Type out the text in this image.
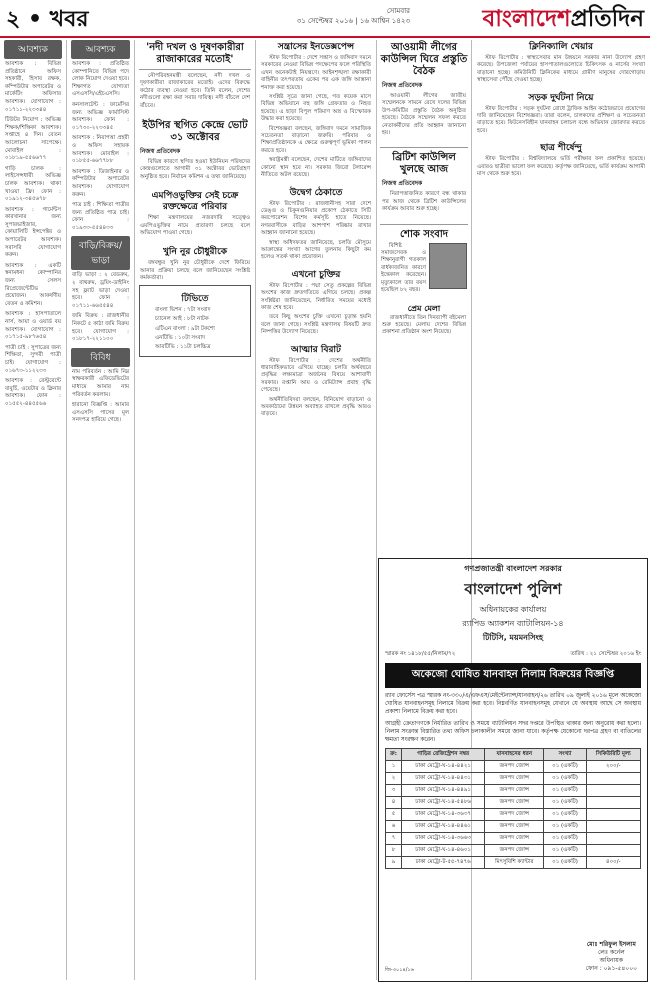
২ • খবর	সোমবার
৩১ সেপ্টেম্বর ২০১৬ | ১৬ আশ্বিন ১৪২৩	বাংলাদেশপ্রতিদিন
আবশ্যক

আবশ্যক : বিভিন্ন প্রতিষ্ঠানে অফিস সহকারী, হিসাব রক্ষক, কম্পিউটার অপারেটর ও মার্কেটিং অফিসার আবশ্যক। যোগাযোগ : ০১৭১১-২২৩৩৪৪

টিউটর নিয়োগ : অভিজ্ঞ শিক্ষক/শিক্ষিকা আবশ্যক। সপ্তাহে ৪ দিন। বেতন আলোচনা সাপেক্ষে। মোবাইল : ০১৮১৯-৫৫৬৬৭৭

গাড়ি চালক : লাইসেন্সধারী অভিজ্ঞ চালক আবশ্যক। থাকা খাওয়া ফ্রি। ফোন : ০১৯১২-৩৪৫৬৭৮

আবশ্যক : গার্মেন্টস কারখানার জন্য সুপারভাইজার, কোয়ালিটি ইন্সপেক্টর ও অপারেটর আবশ্যক। সরাসরি যোগাযোগ করুন।

আবশ্যক : একটি স্বনামধন্য কোম্পানির জন্য সেলস রিপ্রেজেন্টেটিভ প্রয়োজন। আকর্ষণীয় বেতন ও কমিশন।

আবশ্যক : হাসপাতালে নার্স, আয়া ও ওয়ার্ড বয় আবশ্যক। যোগাযোগ : ০১৭১৫-৯৮৭৬৫৪

পাত্রী চাই : সুপাত্রের জন্য শিক্ষিতা, সুন্দরী পাত্রী চাই। যোগাযোগ : ০১৬৭৩-১১২২৩৩

আবশ্যক : রেস্টুরেন্টে বাবুর্চি, ওয়েটার ও ক্লিনার আবশ্যক। ফোন : ০১৫৫২-৪৪৫৫৬৬

আবশ্যক

আবশ্যক : প্রতিষ্ঠিত কোম্পানিতে বিভিন্ন পদে লোক নিয়োগ দেওয়া হবে। শিক্ষাগত যোগ্যতা এসএসসি/এইচএসসি।

কনসালটেন্ট : ফার্মেসির জন্য অভিজ্ঞ ফার্মাসিস্ট আবশ্যক। ফোন : ০১৭৩০-২২৩৩৪৫

আবশ্যক : নিরাপত্তা প্রহরী ও অফিস সহায়ক আবশ্যক। মোবাইল : ০১৮৫৫-৬৬৭৭৮৮

আবশ্যক : ডিজাইনার ও কম্পিউটার অপারেটর আবশ্যক। যোগাযোগ করুন।

পাত্র চাই : শিক্ষিতা পাত্রীর জন্য প্রতিষ্ঠিত পাত্র চাই। ফোন : ০১৯৩৩-৫৫৪৪৩৩

বাড়ি/বিক্রয়/ভাড়া

বাড়ি ভাড়া : ২ বেডরুম, ২ বাথরুম, ড্রয়িং-ডাইনিং সহ ফ্ল্যাট ভাড়া দেওয়া হবে। ফোন : ০১৭১১-৬৬৫৫৪৪

জমি বিক্রয় : রাজধানীর নিকটে ৫ কাঠা জমি বিক্রয় হবে। যোগাযোগ : ০১৮১৭-২২১১০০

বিবিধ

নাম পরিবর্তন : আমি নিম্ন স্বাক্ষরকারী এফিডেভিটের মাধ্যমে আমার নাম পরিবর্তন করলাম।

হারানো বিজ্ঞপ্তি : আমার এসএসসি পাসের মূল সনদপত্র হারিয়ে গেছে।

'নদী দখল ও দূষণকারীরা রাজাকারের মতোই'

নৌপরিবহনমন্ত্রী বলেছেন, নদী দখল ও দূষণকারীরা রাজাকারের মতোই। এদের বিরুদ্ধে কঠোর ব্যবস্থা নেওয়া হবে। তিনি বলেন, দেশের নদীগুলো রক্ষা করা সবার দায়িত্ব। নদী বাঁচলে দেশ বাঁচবে।

ইউপির স্থগিত কেন্দ্রে ভোট ৩১ অক্টোবর
নিজস্ব প্রতিবেদক

বিভিন্ন কারণে স্থগিত হওয়া ইউনিয়ন পরিষদের কেন্দ্রগুলোতে আগামী ৩১ অক্টোবর ভোটগ্রহণ অনুষ্ঠিত হবে। নির্বাচন কমিশন এ তথ্য জানিয়েছে।

এমপিওভুক্তির সেই চক্রে রক্তক্ষেত্রে পরিবার

শিক্ষা মন্ত্রণালয়ের নজরদারি সত্ত্বেও এমপিওভুক্তির নামে প্রতারণা চলছে বলে অভিযোগ পাওয়া গেছে।

খুনি নুর চৌধুরীকে

বঙ্গবন্ধুর খুনি নুর চৌধুরীকে দেশে ফিরিয়ে আনার প্রক্রিয়া চলছে বলে জানিয়েছেন সংশ্লিষ্ট কর্মকর্তারা।

টিভিতে

বাংলা ভিশন : ৭টা সংবাদ

চ্যানেল আই : ৮টা নাটক

এটিএন বাংলা : ৯টা টকশো

এনটিভি : ১০টা সংবাদ

আরটিভি : ১১টা চলচ্চিত্র

সন্ত্রাসের ইনডেক্সপেন্স

স্টাফ রিপোর্টার : দেশে সন্ত্রাস ও জঙ্গিবাদ দমনে সরকারের নেওয়া বিভিন্ন পদক্ষেপের ফলে পরিস্থিতি এখন অনেকটাই নিয়ন্ত্রণে। আইনশৃঙ্খলা রক্ষাকারী বাহিনীর তৎপরতায় একের পর এক জঙ্গি আস্তানা শনাক্ত করা হয়েছে।

সংশ্লিষ্ট সূত্রে জানা গেছে, গত কয়েক মাসে বিভিন্ন অভিযানে বহু জঙ্গি গ্রেফতার ও নিহত হয়েছে। এ ছাড়া বিপুল পরিমাণ অস্ত্র ও বিস্ফোরক উদ্ধার করা হয়েছে।

বিশেষজ্ঞরা বলছেন, জঙ্গিবাদ দমনে সামাজিক সচেতনতা বাড়ানো জরুরি। পরিবার ও শিক্ষাপ্রতিষ্ঠানকে এ ক্ষেত্রে গুরুত্বপূর্ণ ভূমিকা পালন করতে হবে।

স্বরাষ্ট্রমন্ত্রী বলেছেন, দেশের মাটিতে জঙ্গিবাদের কোনো স্থান হবে না। সরকার জিরো টলারেন্স নীতিতে অটল রয়েছে।

উদ্বেগ ঠেকাতে

স্টাফ রিপোর্টার : রাজধানীসহ সারা দেশে ডেঙ্গু ও চিকুনগুনিয়ার প্রকোপ ঠেকাতে সিটি করপোরেশন বিশেষ কর্মসূচি হাতে নিয়েছে। নগরবাসীকে বাড়ির আশপাশ পরিষ্কার রাখার আহ্বান জানানো হয়েছে।

স্বাস্থ্য অধিদফতর জানিয়েছে, চলতি মৌসুমে আক্রান্তের সংখ্যা আগের তুলনায় কিছুটা কম হলেও সতর্ক থাকা প্রয়োজন।

এখনো চুক্তির

স্টাফ রিপোর্টার : পদ্মা সেতু প্রকল্পের বিভিন্ন অংশের কাজ দ্রুতগতিতে এগিয়ে চলছে। প্রকল্প সংশ্লিষ্টরা জানিয়েছেন, নির্ধারিত সময়ের মধ্যেই কাজ শেষ হবে।

তবে কিছু অংশের চুক্তি এখনো চূড়ান্ত হয়নি বলে জানা গেছে। সংশ্লিষ্ট মন্ত্রণালয় বিষয়টি দ্রুত নিষ্পত্তির উদ্যোগ নিয়েছে।

আত্মার বিরাট

স্টাফ রিপোর্টার : দেশের অর্থনীতি ধারাবাহিকভাবে এগিয়ে যাচ্ছে। চলতি অর্থবছরে প্রবৃদ্ধির লক্ষ্যমাত্রা অর্জনের বিষয়ে আশাবাদী সরকার। রপ্তানি আয় ও রেমিট্যান্স প্রবাহ বৃদ্ধি পেয়েছে।

অর্থনীতিবিদরা বলছেন, বিনিয়োগ বাড়ানো ও অবকাঠামো উন্নয়ন অব্যাহত রাখলে প্রবৃদ্ধি আরও বাড়বে।

আওয়ামী লীগের কাউন্সিল ঘিরে প্রস্তুতি বৈঠক
নিজস্ব প্রতিবেদক

আওয়ামী লীগের জাতীয় সম্মেলনকে সামনে রেখে দলের বিভিন্ন উপ-কমিটির প্রস্তুতি বৈঠক অনুষ্ঠিত হয়েছে। বৈঠকে সম্মেলন সফল করতে নেতাকর্মীদের প্রতি আহ্বান জানানো হয়।

ব্রিটিশ কাউন্সিল খুলছে আজ
নিজস্ব প্রতিবেদক

নিরাপত্তাজনিত কারণে বন্ধ থাকার পর আজ থেকে ব্রিটিশ কাউন্সিলের কার্যক্রম আবার শুরু হচ্ছে।

শোক সংবাদ

বিশিষ্ট সমাজসেবক ও শিক্ষানুরাগী গতকাল বার্ধক্যজনিত কারণে ইন্তেকাল করেছেন। মৃত্যুকালে তার বয়স হয়েছিল ৮২ বছর।

প্রেম মেলা

রাজধানীতে তিন দিনব্যাপী বইমেলা শুরু হয়েছে। মেলায় দেশের বিভিন্ন প্রকাশনা প্রতিষ্ঠান অংশ নিয়েছে।

ক্লিনিক্যালি খেয়ার

স্টাফ রিপোর্টার : স্বাস্থ্যসেবার মান উন্নয়নে সরকার নানা উদ্যোগ গ্রহণ করেছে। উপজেলা পর্যায়ের হাসপাতালগুলোতে চিকিৎসক ও নার্সের সংখ্যা বাড়ানো হচ্ছে। কমিউনিটি ক্লিনিকের মাধ্যমে গ্রামীণ মানুষের দোরগোড়ায় স্বাস্থ্যসেবা পৌঁছে দেওয়া হচ্ছে।

সড়ক দুর্ঘটনা নিয়ে

স্টাফ রিপোর্টার : সড়ক দুর্ঘটনা রোধে ট্রাফিক আইন কঠোরভাবে প্রয়োগের দাবি জানিয়েছেন বিশেষজ্ঞরা। তারা বলেন, চালকদের প্রশিক্ষণ ও সচেতনতা বাড়াতে হবে। ফিটনেসবিহীন যানবাহন চলাচল বন্ধে অভিযান জোরদার করতে হবে।

ছাত্র শীর্ষেন্দু

স্টাফ রিপোর্টার : বিশ্ববিদ্যালয়ে ভর্তি পরীক্ষার ফল প্রকাশিত হয়েছে। এবারও ছাত্রীরা ভালো ফল করেছে। কর্তৃপক্ষ জানিয়েছে, ভর্তি কার্যক্রম আগামী মাস থেকে শুরু হবে।

গণপ্রজাতন্ত্রী বাংলাদেশ সরকার
বাংলাদেশ পুলিশ
অধিনায়কের কার্যালয়
র‍্যাপিড অ্যাকশন ব্যাটালিয়ন-১৪
টিটিসি, ময়মনসিংহ
স্মারক নং ১৪১৮/৫৫/নিলাম/৭২	তারিখ : ২১ সেপ্টেম্বর ২০১৬ ইং
অকেজো ঘোষিত যানবাহন নিলাম বিক্রয়ের বিজ্ঞপ্তি
র‍্যাব ফোর্সেস পত্র স্মারক নং-৩৩০/এ/এফএস/মেইন্টেন্যান্স/যানবাহন/২৬ তারিখ ০৯ জুলাই ২০১৬ মূলে অকেজো ঘোষিত যানবাহনসমূহ নিলামে বিক্রয় করা হবে। নিম্নবর্ণিত যানবাহনসমূহ যেখানে যে অবস্থায় আছে সে অবস্থায় প্রকাশ্য নিলামে বিক্রয় করা হবে।
আগ্রহী ক্রেতাগণকে নির্ধারিত তারিখ ও সময়ে ব্যাটালিয়ন সদর দপ্তরে উপস্থিত থাকার জন্য অনুরোধ করা হলো। নিলাম সংক্রান্ত বিস্তারিত তথ্য অফিস চলাকালীন সময়ে জানা যাবে। কর্তৃপক্ষ যেকোনো দরপত্র গ্রহণ বা বাতিলের ক্ষমতা সংরক্ষণ করেন।
ক্র:	গাড়ির রেজিস্ট্রেশন নম্বর	যানবাহনের ধরন	সংখ্যা	সিকিউরিটি মূল্য
১	ঢাকা মেট্রো-ঘ-১৪-৪৪২১	জনপদ জোন্স	০১ (একটি)	২০০/-
২	ঢাকা মেট্রো-ঘ-১৪-৪৪৩১	জনপদ জোন্স	০১ (একটি)	
৩	ঢাকা মেট্রো-ঘ-১৪-৪৪৯১	জনপদ জোন্স	০১ (একটি)	
৪	ঢাকা মেট্রো-ঘ-১৪-৫৪৮৬	জনপদ জোন্স	০১ (একটি)	
৫	ঢাকা মেট্রো-ঘ-১৪-৩৬৩৭	জনপদ জোন্স	০১ (একটি)	
৬	ঢাকা মেট্রো-ঘ-১৪-৪৪৬১	জনপদ জোন্স	০১ (একটি)	
৭	ঢাকা মেট্রো-ঘ-১৪-৩৬৬৩	জনপদ জোন্স	০১ (একটি)	
৮	ঢাকা মেট্রো-ঘ-১৪-৪৬০১	জনপদ জোন্স	০১ (একটি)	
৯	ঢাকা মেট্রো-ট-৫৫-৭৪৭৬	মিৎসুবিশি ক্যান্টার	০১ (একটি)	৪০০/-
মোঃ শরিফুল ইসলাম
লেঃ কর্নেল
অধিনায়ক
ফোন : ০৯১-৫৪০০০
জি-৩০১৪/১৬
